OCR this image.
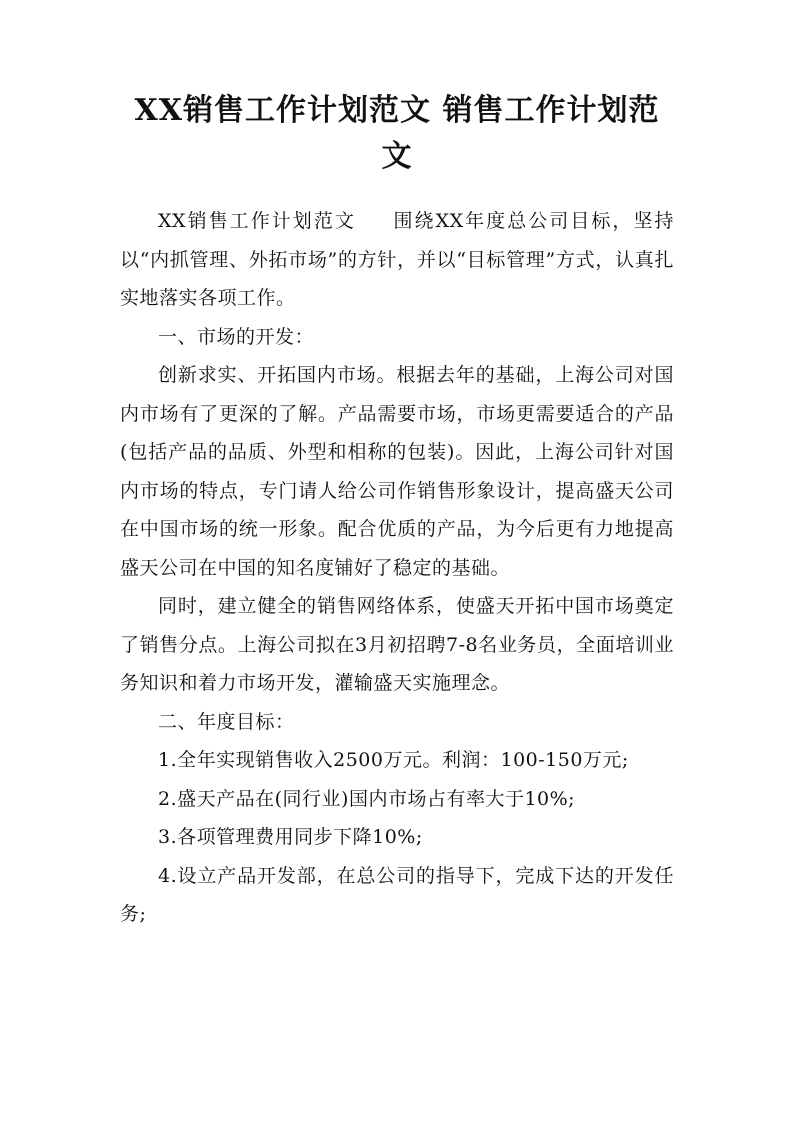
XX销售工作计划范文 销售工作计划范文

XX销售工作计划范文 围绕XX年度总公司目标，坚持以“内抓管理、外拓市场”的方针，并以“目标管理”方式，认真扎实地落实各项工作。

一、市场的开发：

创新求实、开拓国内市场。根据去年的基础，上海公司对国内市场有了更深的了解。产品需要市场，市场更需要适合的产品(包括产品的品质、外型和相称的包装)。因此，上海公司针对国内市场的特点，专门请人给公司作销售形象设计，提高盛天公司在中国市场的统一形象。配合优质的产品，为今后更有力地提高盛天公司在中国的知名度铺好了稳定的基础。

同时，建立健全的销售网络体系，使盛天开拓中国市场奠定了销售分点。上海公司拟在3月初招聘7-8名业务员，全面培训业务知识和着力市场开发，灌输盛天实施理念。

二、年度目标：

1.全年实现销售收入2500万元。利润：100-150万元;

2.盛天产品在(同行业)国内市场占有率大于10%;

3.各项管理费用同步下降10%;

4.设立产品开发部，在总公司的指导下，完成下达的开发任务;
